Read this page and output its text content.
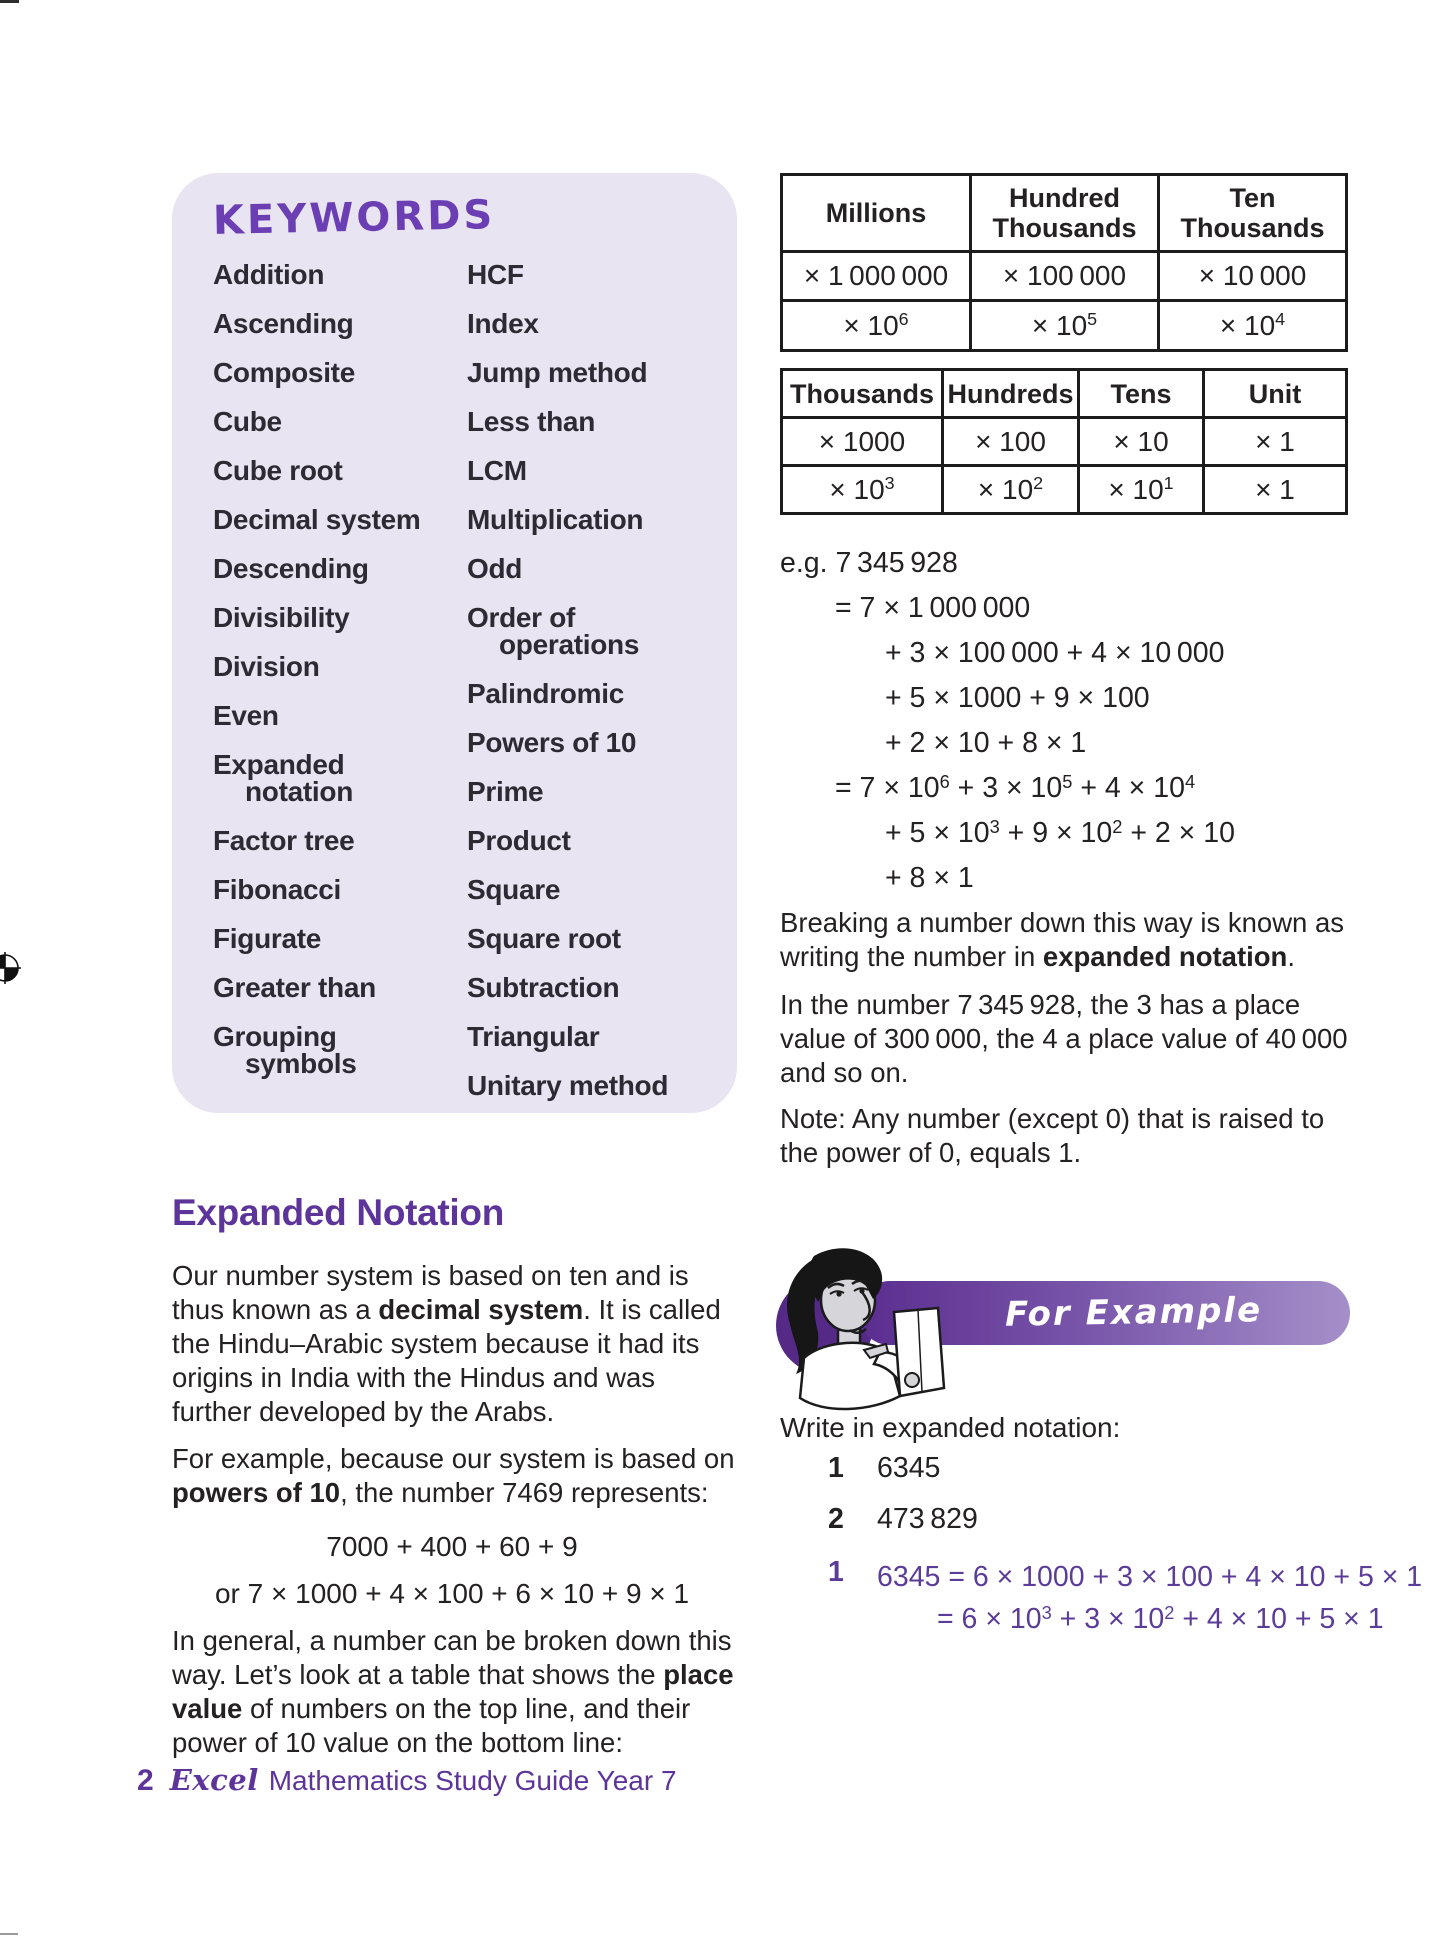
KEYWORDS
Addition
Ascending
Composite
Cube
Cube root
Decimal system
Descending
Divisibility
Division
Even
Expanded notation
Factor tree
Fibonacci
Figurate
Greater than
Grouping symbols
HCF
Index
Jump method
Less than
LCM
Multiplication
Odd
Order of operations
Palindromic
Powers of 10
Prime
Product
Square
Square root
Subtraction
Triangular
Unitary method
Millions	Hundred Thousands	Ten Thousands
× 1 000 000	× 100 000	× 10 000
× $10^6$	× $10^5$	× $10^4$
Thousands	Hundreds	Tens	Unit
× 1000	× 100	× 10	× 1
× $10^3$	× $10^2$	× $10^1$	× 1
e.g. 7 345 928
= 7 × 1 000 000
+ 3 × 100 000 + 4 × 10 000
+ 5 × 1000 + 9 × 100
+ 2 × 10 + 8 × 1
= $7 \times 10^6 + 3 \times 10^5 + 4 \times 10^4$
+ $5 \times 10^3 + 9 \times 10^2 + 2 \times 10$
+ 8 × 1
Breaking a number down this way is known as
writing the number in expanded notation.
In the number 7 345 928, the 3 has a place
value of 300 000, the 4 a place value of 40 000
and so on.
Note: Any number (except 0) that is raised to
the power of 0, equals 1.
For Example
Write in expanded notation:
1	6345
2	473 829
1	6345 = 6 × 1000 + 3 × 100 + 4 × 10 + 5 × 1
= $6 \times 10^3 + 3 \times 10^2 + 4 \times 10 + 5 \times 1$
Expanded Notation
Our number system is based on ten and is
thus known as a decimal system. It is called
the Hindu–Arabic system because it had its
origins in India with the Hindus and was
further developed by the Arabs.
For example, because our system is based on
powers of 10, the number 7469 represents:
7000 + 400 + 60 + 9
or 7 × 1000 + 4 × 100 + 6 × 10 + 9 × 1
In general, a number can be broken down this
way. Let’s look at a table that shows the place
value of numbers on the top line, and their
power of 10 value on the bottom line:
2 Excel Mathematics Study Guide Year 7
